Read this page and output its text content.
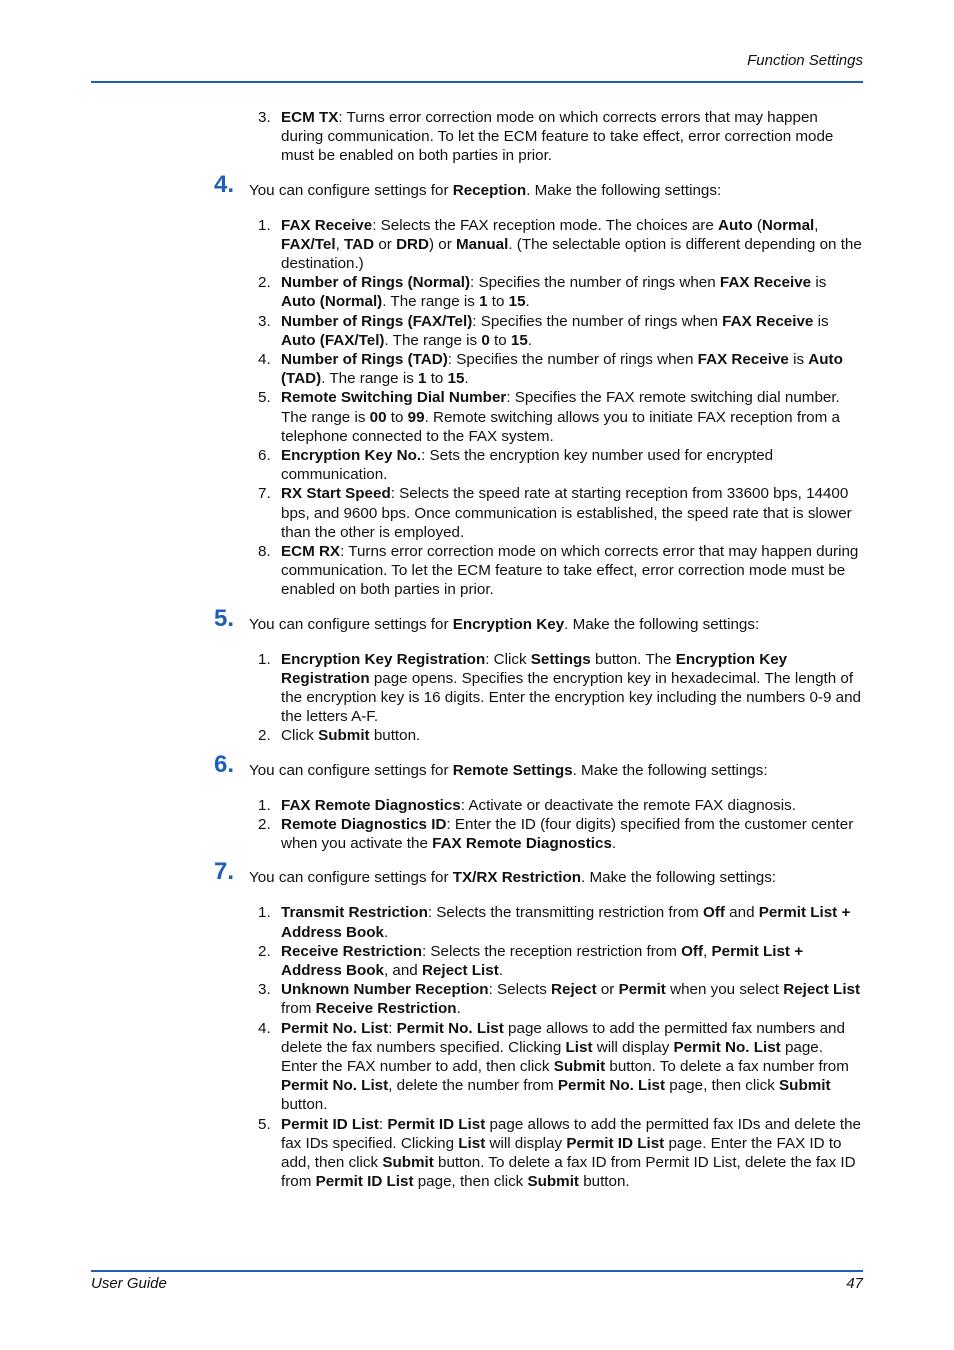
Function Settings
3. ECM TX: Turns error correction mode on which corrects errors that may happen during communication. To let the ECM feature to take effect, error correction mode must be enabled on both parties in prior.
4. You can configure settings for Reception. Make the following settings:
1. FAX Receive: Selects the FAX reception mode. The choices are Auto (Normal, FAX/Tel, TAD or DRD) or Manual. (The selectable option is different depending on the destination.)
2. Number of Rings (Normal): Specifies the number of rings when FAX Receive is Auto (Normal). The range is 1 to 15.
3. Number of Rings (FAX/Tel): Specifies the number of rings when FAX Receive is Auto (FAX/Tel). The range is 0 to 15.
4. Number of Rings (TAD): Specifies the number of rings when FAX Receive is Auto (TAD). The range is 1 to 15.
5. Remote Switching Dial Number: Specifies the FAX remote switching dial number. The range is 00 to 99. Remote switching allows you to initiate FAX reception from a telephone connected to the FAX system.
6. Encryption Key No.: Sets the encryption key number used for encrypted communication.
7. RX Start Speed: Selects the speed rate at starting reception from 33600 bps, 14400 bps, and 9600 bps. Once communication is established, the speed rate that is slower than the other is employed.
8. ECM RX: Turns error correction mode on which corrects error that may happen during communication. To let the ECM feature to take effect, error correction mode must be enabled on both parties in prior.
5. You can configure settings for Encryption Key. Make the following settings:
1. Encryption Key Registration: Click Settings button. The Encryption Key Registration page opens. Specifies the encryption key in hexadecimal. The length of the encryption key is 16 digits. Enter the encryption key including the numbers 0-9 and the letters A-F.
2. Click Submit button.
6. You can configure settings for Remote Settings. Make the following settings:
1. FAX Remote Diagnostics: Activate or deactivate the remote FAX diagnosis.
2. Remote Diagnostics ID: Enter the ID (four digits) specified from the customer center when you activate the FAX Remote Diagnostics.
7. You can configure settings for TX/RX Restriction. Make the following settings:
1. Transmit Restriction: Selects the transmitting restriction from Off and Permit List + Address Book.
2. Receive Restriction: Selects the reception restriction from Off, Permit List + Address Book, and Reject List.
3. Unknown Number Reception: Selects Reject or Permit when you select Reject List from Receive Restriction.
4. Permit No. List: Permit No. List page allows to add the permitted fax numbers and delete the fax numbers specified. Clicking List will display Permit No. List page. Enter the FAX number to add, then click Submit button. To delete a fax number from Permit No. List, delete the number from Permit No. List page, then click Submit button.
5. Permit ID List: Permit ID List page allows to add the permitted fax IDs and delete the fax IDs specified. Clicking List will display Permit ID List page. Enter the FAX ID to add, then click Submit button. To delete a fax ID from Permit ID List, delete the fax ID from Permit ID List page, then click Submit button.
User Guide	47
